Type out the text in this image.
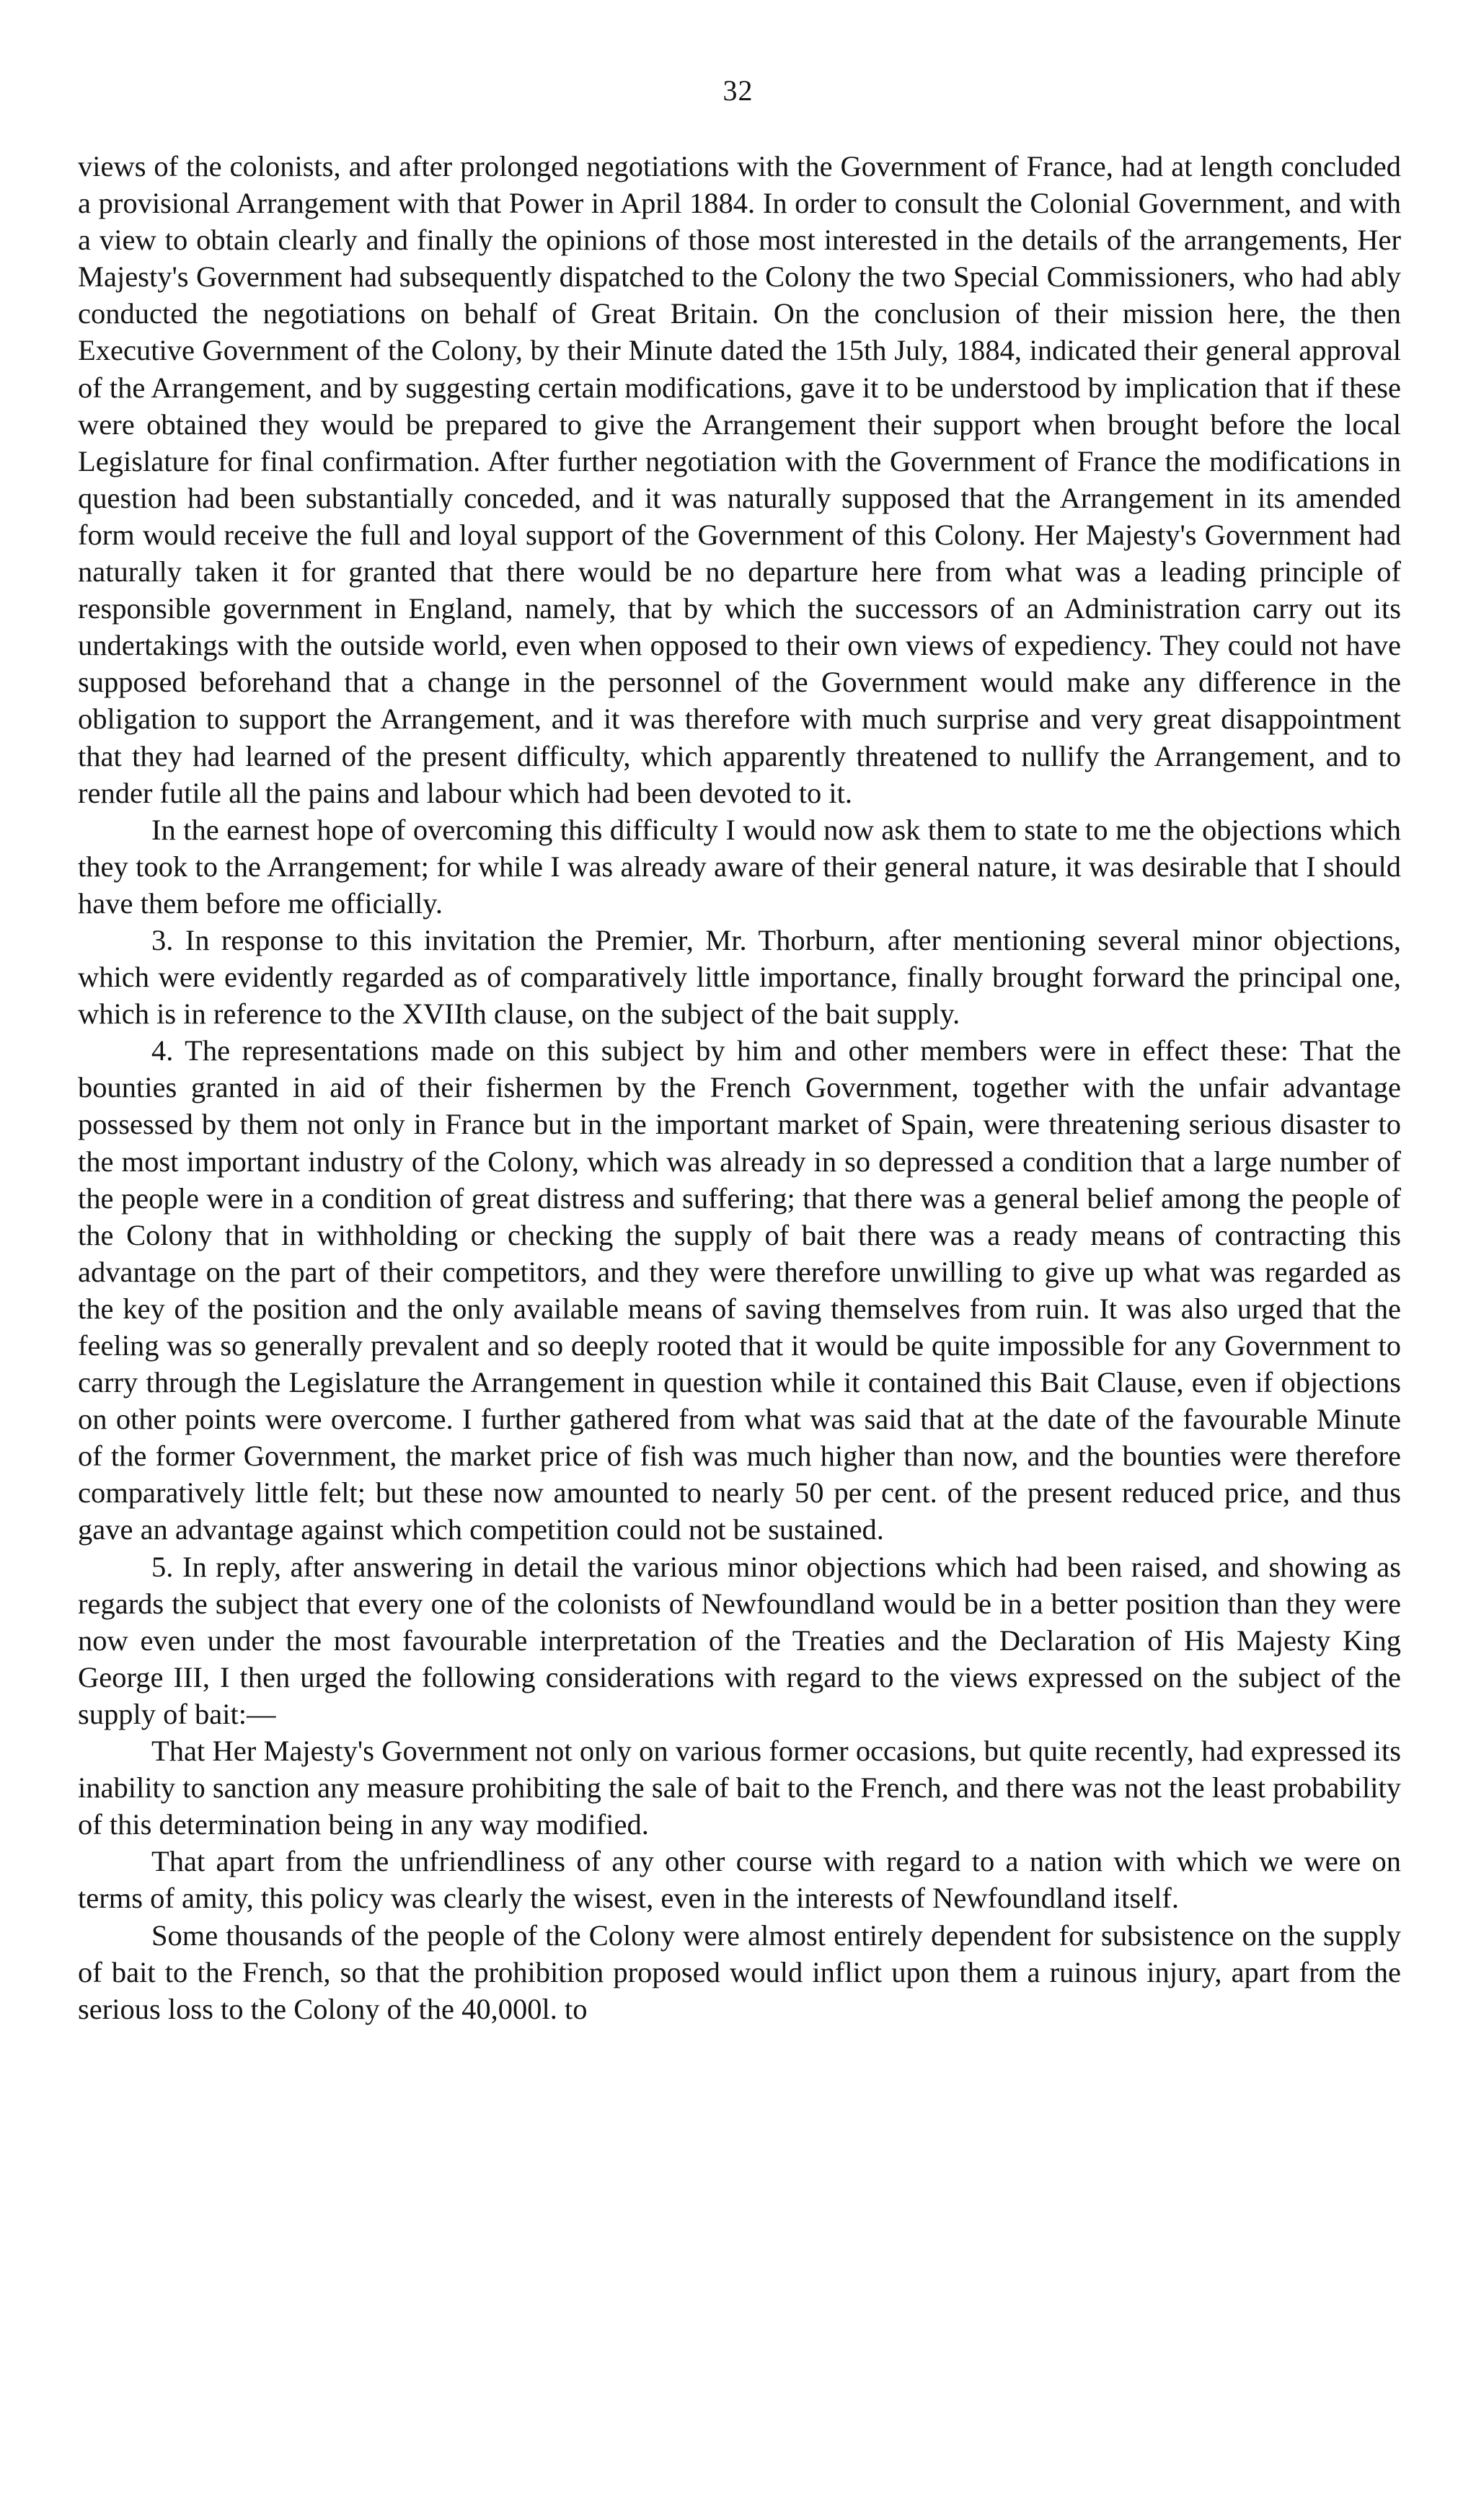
32

views of the colonists, and after prolonged negotiations with the Government of France, had at length concluded a provisional Arrangement with that Power in April 1884. In order to consult the Colonial Government, and with a view to obtain clearly and finally the opinions of those most interested in the details of the arrangements, Her Majesty's Government had subsequently dispatched to the Colony the two Special Commissioners, who had ably conducted the negotiations on behalf of Great Britain. On the conclusion of their mission here, the then Executive Government of the Colony, by their Minute dated the 15th July, 1884, indicated their general approval of the Arrangement, and by suggesting certain modifications, gave it to be understood by implication that if these were obtained they would be prepared to give the Arrangement their support when brought before the local Legislature for final confirmation. After further negotiation with the Government of France the modifications in question had been substantially conceded, and it was naturally supposed that the Arrangement in its amended form would receive the full and loyal support of the Government of this Colony. Her Majesty's Government had naturally taken it for granted that there would be no departure here from what was a leading principle of responsible government in England, namely, that by which the successors of an Administration carry out its undertakings with the outside world, even when opposed to their own views of expediency. They could not have supposed beforehand that a change in the personnel of the Government would make any difference in the obligation to support the Arrangement, and it was therefore with much surprise and very great disappointment that they had learned of the present difficulty, which apparently threatened to nullify the Arrangement, and to render futile all the pains and labour which had been devoted to it.

In the earnest hope of overcoming this difficulty I would now ask them to state to me the objections which they took to the Arrangement; for while I was already aware of their general nature, it was desirable that I should have them before me officially.

3. In response to this invitation the Premier, Mr. Thorburn, after mentioning several minor objections, which were evidently regarded as of comparatively little importance, finally brought forward the principal one, which is in reference to the XVIIth clause, on the subject of the bait supply.

4. The representations made on this subject by him and other members were in effect these: That the bounties granted in aid of their fishermen by the French Government, together with the unfair advantage possessed by them not only in France but in the important market of Spain, were threatening serious disaster to the most important industry of the Colony, which was already in so depressed a condition that a large number of the people were in a condition of great distress and suffering; that there was a general belief among the people of the Colony that in withholding or checking the supply of bait there was a ready means of contracting this advantage on the part of their competitors, and they were therefore unwilling to give up what was regarded as the key of the position and the only available means of saving themselves from ruin. It was also urged that the feeling was so generally prevalent and so deeply rooted that it would be quite impossible for any Government to carry through the Legislature the Arrangement in question while it contained this Bait Clause, even if objections on other points were overcome. I further gathered from what was said that at the date of the favourable Minute of the former Government, the market price of fish was much higher than now, and the bounties were therefore comparatively little felt; but these now amounted to nearly 50 per cent. of the present reduced price, and thus gave an advantage against which competition could not be sustained.

5. In reply, after answering in detail the various minor objections which had been raised, and showing as regards the subject that every one of the colonists of Newfoundland would be in a better position than they were now even under the most favourable interpretation of the Treaties and the Declaration of His Majesty King George III, I then urged the following considerations with regard to the views expressed on the subject of the supply of bait:—

That Her Majesty's Government not only on various former occasions, but quite recently, had expressed its inability to sanction any measure prohibiting the sale of bait to the French, and there was not the least probability of this determination being in any way modified.

That apart from the unfriendliness of any other course with regard to a nation with which we were on terms of amity, this policy was clearly the wisest, even in the interests of Newfoundland itself.

Some thousands of the people of the Colony were almost entirely dependent for subsistence on the supply of bait to the French, so that the prohibition proposed would inflict upon them a ruinous injury, apart from the serious loss to the Colony of the 40,000l. to
